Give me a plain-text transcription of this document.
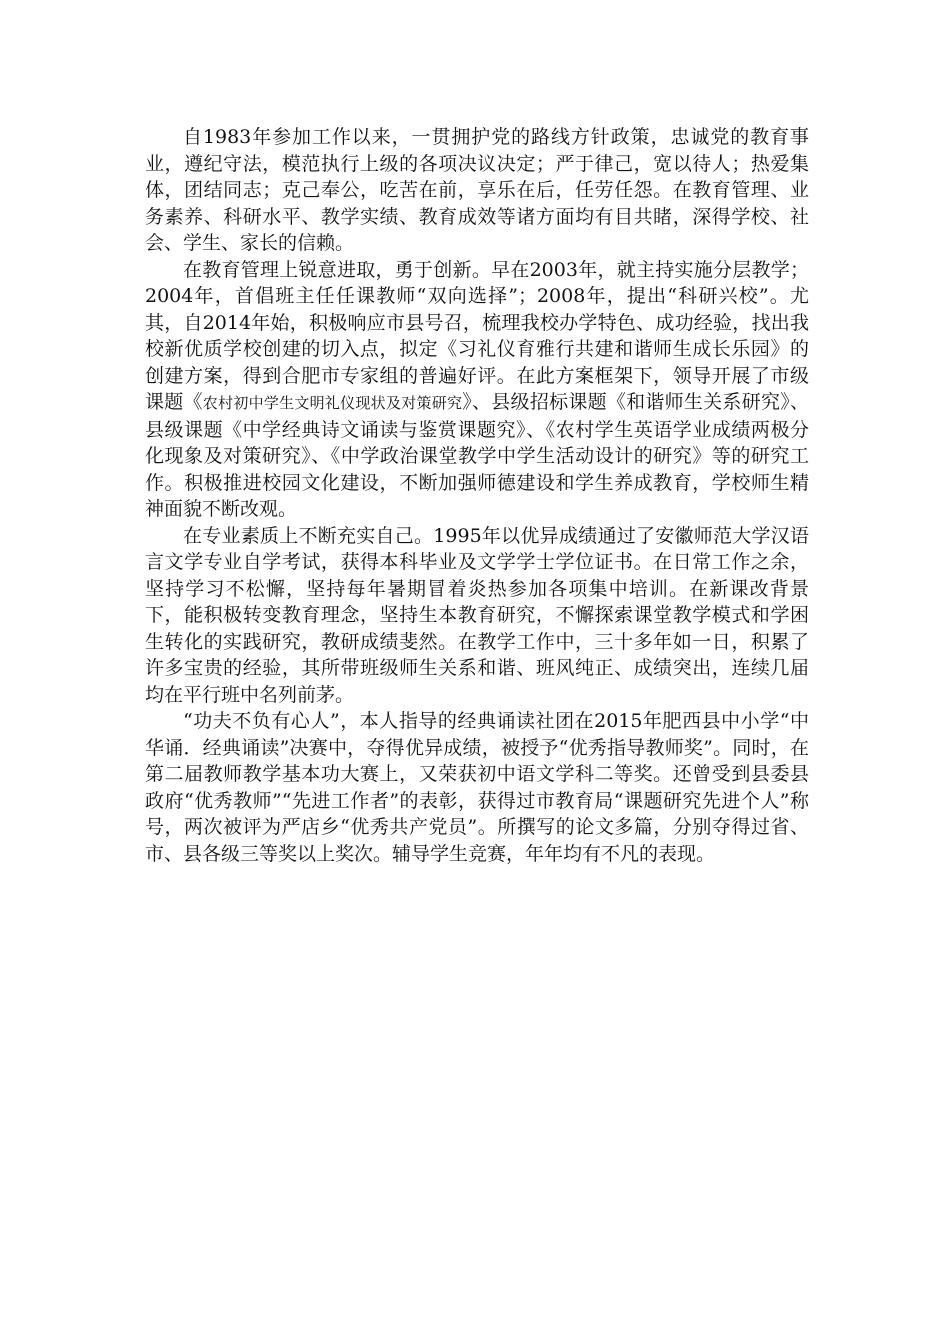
自1983年参加工作以来，一贯拥护党的路线方针政策，忠诚党的教育事业，遵纪守法，模范执行上级的各项决议决定；严于律己，宽以待人；热爱集体，团结同志；克己奉公，吃苦在前，享乐在后，任劳任怨。在教育管理、业务素养、科研水平、教学实绩、教育成效等诸方面均有目共睹，深得学校、社会、学生、家长的信赖。

在教育管理上锐意进取，勇于创新。早在2003年，就主持实施分层教学；2004年，首倡班主任任课教师“双向选择”；2008年，提出“科研兴校”。尤其，自2014年始，积极响应市县号召，梳理我校办学特色、成功经验，找出我校新优质学校创建的切入点，拟定《习礼仪育雅行共建和谐师生成长乐园》的创建方案，得到合肥市专家组的普遍好评。在此方案框架下，领导开展了市级课题《农村初中学生文明礼仪现状及对策研究》、县级招标课题《和谐师生关系研究》、县级课题《中学经典诗文诵读与鉴赏课题究》、《农村学生英语学业成绩两极分化现象及对策研究》、《中学政治课堂教学中学生活动设计的研究》等的研究工作。积极推进校园文化建设，不断加强师德建设和学生养成教育，学校师生精神面貌不断改观。

在专业素质上不断充实自己。1995年以优异成绩通过了安徽师范大学汉语言文学专业自学考试，获得本科毕业及文学学士学位证书。在日常工作之余，坚持学习不松懈，坚持每年暑期冒着炎热参加各项集中培训。在新课改背景下，能积极转变教育理念，坚持生本教育研究，不懈探索课堂教学模式和学困生转化的实践研究，教研成绩斐然。在教学工作中，三十多年如一日，积累了许多宝贵的经验，其所带班级师生关系和谐、班风纯正、成绩突出，连续几届均在平行班中名列前茅。

“功夫不负有心人”，本人指导的经典诵读社团在2015年肥西县中小学“中华诵．经典诵读”决赛中，夺得优异成绩，被授予“优秀指导教师奖”。同时，在第二届教师教学基本功大赛上，又荣获初中语文学科二等奖。还曾受到县委县政府“优秀教师”“先进工作者”的表彰，获得过市教育局“课题研究先进个人”称号，两次被评为严店乡“优秀共产党员”。所撰写的论文多篇，分别夺得过省、市、县各级三等奖以上奖次。辅导学生竞赛，年年均有不凡的表现。
